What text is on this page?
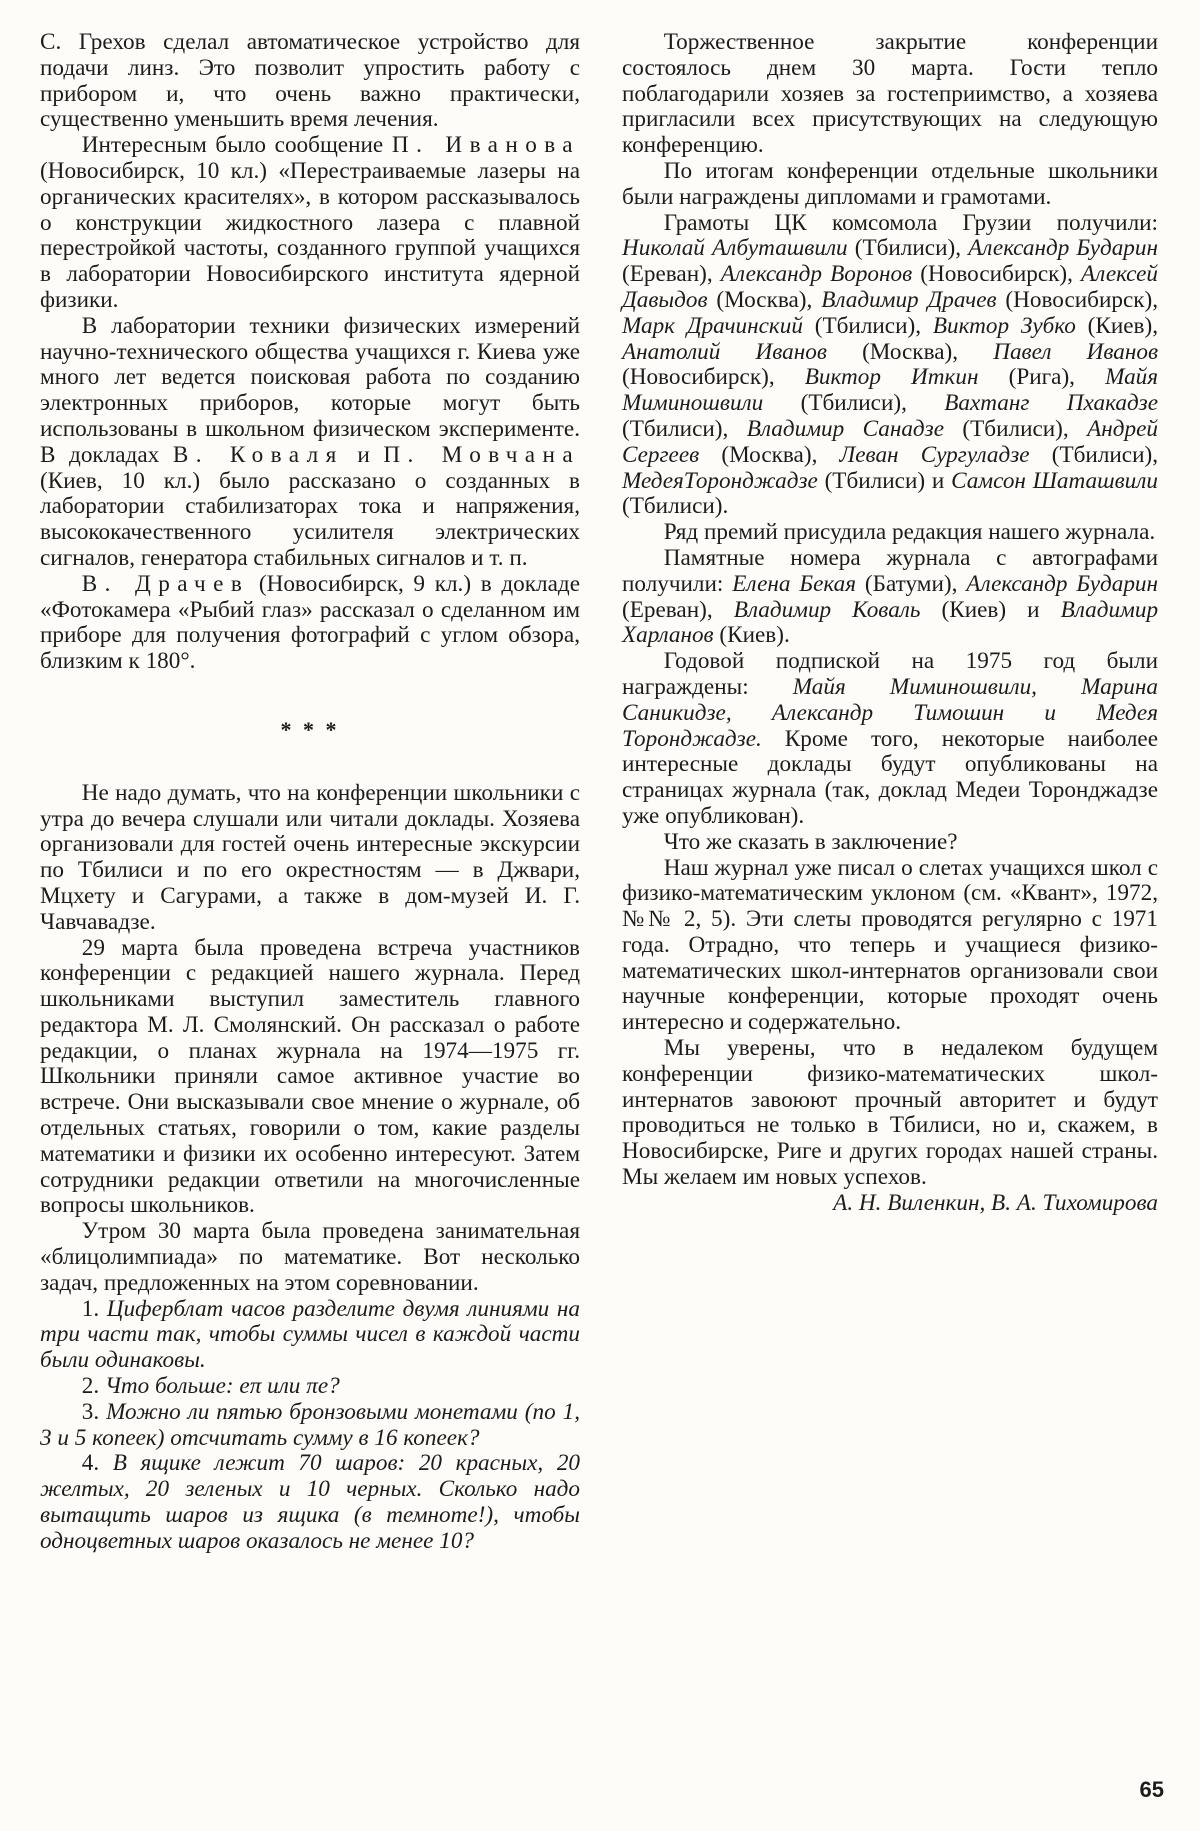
С. Грехов сделал автоматическое устройство для подачи линз. Это позволит упростить работу с прибором и, что очень важно практически, существенно уменьшить время лечения.

Интересным было сообщение П. Иванова (Новосибирск, 10 кл.) «Перестраиваемые лазеры на органических красителях», в котором рассказывалось о конструкции жидкостного лазера с плавной перестройкой частоты, созданного группой учащихся в лаборатории Новосибирского института ядерной физики.

В лаборатории техники физических измерений научно-технического общества учащихся г. Киева уже много лет ведется поисковая работа по созданию электронных приборов, которые могут быть использованы в школьном физическом эксперименте. В докладах В. Коваля и П. Мовчана (Киев, 10 кл.) было рассказано о созданных в лаборатории стабилизаторах тока и напряжения, высококачественного усилителя электрических сигналов, генератора стабильных сигналов и т. п.

В. Драчев (Новосибирск, 9 кл.) в докладе «Фотокамера «Рыбий глаз» рассказал о сделанном им приборе для получения фотографий с углом обзора, близким к 180°.

* * *

Не надо думать, что на конференции школьники с утра до вечера слушали или читали доклады. Хозяева организовали для гостей очень интересные экскурсии по Тбилиси и по его окрестностям — в Джвари, Мцхету и Сагурами, а также в дом-музей И. Г. Чавчавадзе.

29 марта была проведена встреча участников конференции с редакцией нашего журнала. Перед школьниками выступил заместитель главного редактора М. Л. Смолянский. Он рассказал о работе редакции, о планах журнала на 1974—1975 гг. Школьники приняли самое активное участие во встрече. Они высказывали свое мнение о журнале, об отдельных статьях, говорили о том, какие разделы математики и физики их особенно интересуют. Затем сотрудники редакции ответили на многочисленные вопросы школьников.

Утром 30 марта была проведена занимательная «блицолимпиада» по математике. Вот несколько задач, предложенных на этом соревновании.

1. Циферблат часов разделите двумя линиями на три части так, чтобы суммы чисел в каждой части были одинаковы.

2. Что больше: eπ или πe?

3. Можно ли пятью бронзовыми монетами (по 1, 3 и 5 копеек) отсчитать сумму в 16 копеек?

4. В ящике лежит 70 шаров: 20 красных, 20 желтых, 20 зеленых и 10 черных. Сколько надо вытащить шаров из ящика (в темноте!), чтобы одноцветных шаров оказалось не менее 10?

Торжественное закрытие конференции состоялось днем 30 марта. Гости тепло поблагодарили хозяев за гостеприимство, а хозяева пригласили всех присутствующих на следующую конференцию.

По итогам конференции отдельные школьники были награждены дипломами и грамотами.

Грамоты ЦК комсомола Грузии получили: Николай Албуташвили (Тбилиси), Александр Бударин (Ереван), Александр Воронов (Новосибирск), Алексей Давыдов (Москва), Владимир Драчев (Новосибирск), Марк Драчинский (Тбилиси), Виктор Зубко (Киев), Анатолий Иванов (Москва), Павел Иванов (Новосибирск), Виктор Иткин (Рига), Майя Миминошвили (Тбилиси), Вахтанг Пхакадзе (Тбилиси), Владимир Санадзе (Тбилиси), Андрей Сергеев (Москва), Леван Сургуладзе (Тбилиси), МедеяТоронджадзе (Тбилиси) и Самсон Шаташвили (Тбилиси).

Ряд премий присудила редакция нашего журнала.

Памятные номера журнала с автографами получили: Елена Бекая (Батуми), Александр Бударин (Ереван), Владимир Коваль (Киев) и Владимир Харланов (Киев).

Годовой подпиской на 1975 год были награждены: Майя Миминошвили, Марина Саникидзе, Александр Тимошин и Медея Торонджадзе. Кроме того, некоторые наиболее интересные доклады будут опубликованы на страницах журнала (так, доклад Медеи Торонджадзе уже опубликован).

Что же сказать в заключение?

Наш журнал уже писал о слетах учащихся школ с физико-математическим уклоном (см. «Квант», 1972, №№ 2, 5). Эти слеты проводятся регулярно с 1971 года. Отрадно, что теперь и учащиеся физико-математических школ-интернатов организовали свои научные конференции, которые проходят очень интересно и содержательно.

Мы уверены, что в недалеком будущем конференции физико-математических школ-интернатов завоюют прочный авторитет и будут проводиться не только в Тбилиси, но и, скажем, в Новосибирске, Риге и других городах нашей страны. Мы желаем им новых успехов.

А. Н. Виленкин, В. А. Тихомирова

65
